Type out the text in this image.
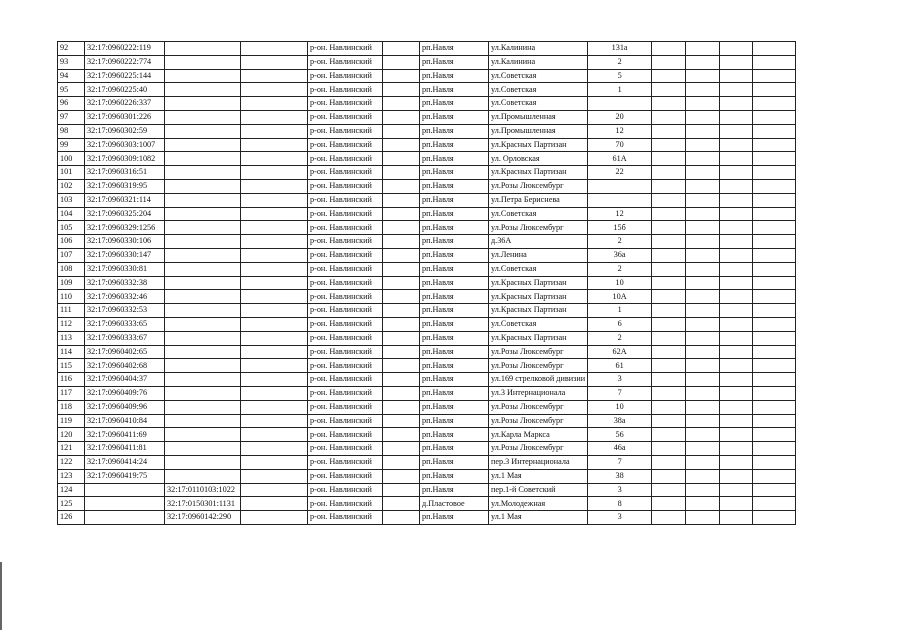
92	32:17:0960222:119			р-он. Навлинский		рп.Навля	ул.Калинина	131а				
93	32:17:0960222:774			р-он. Навлинский		рп.Навля	ул.Калинина	2				
94	32:17:0960225:144			р-он. Навлинский		рп.Навля	ул.Советская	5				
95	32:17:0960225:40			р-он. Навлинский		рп.Навля	ул.Советская	1				
96	32:17:0960226:337			р-он. Навлинский		рп.Навля	ул.Советская					
97	32:17:0960301:226			р-он. Навлинский		рп.Навля	ул.Промышленная	20				
98	32:17:0960302:59			р-он. Навлинский		рп.Навля	ул.Промышленная	12				
99	32:17:0960303:1007			р-он. Навлинский		рп.Навля	ул.Красных Партизан	70				
100	32:17:0960309:1082			р-он. Навлинский		рп.Навля	ул. Орловская	61А				
101	32:17:0960316:51			р-он. Навлинский		рп.Навля	ул.Красных Партизан	22				
102	32:17:0960319:95			р-он. Навлинский		рп.Навля	ул.Розы Люксембург					
103	32:17:0960321:114			р-он. Навлинский		рп.Навля	ул.Петра Бериснева					
104	32:17:0960325:204			р-он. Навлинский		рп.Навля	ул.Советская	12				
105	32:17:0960329:1256			р-он. Навлинский		рп.Навля	ул.Розы Люксембург	15б				
106	32:17:0960330:106			р-он. Навлинский		рп.Навля	д.36А	2				
107	32:17:0960330:147			р-он. Навлинский		рп.Навля	ул.Ленина	36а				
108	32:17:0960330:81			р-он. Навлинский		рп.Навля	ул.Советская	2				
109	32:17:0960332:38			р-он. Навлинский		рп.Навля	ул.Красных Партизан	10				
110	32:17:0960332:46			р-он. Навлинский		рп.Навля	ул.Красных Партизан	10А				
111	32:17:0960332:53			р-он. Навлинский		рп.Навля	ул.Красных Партизан	1				
112	32:17:0960333:65			р-он. Навлинский		рп.Навля	ул.Советская	6				
113	32:17:0960333:67			р-он. Навлинский		рп.Навля	ул.Красных Партизан	2				
114	32:17:0960402:65			р-он. Навлинский		рп.Навля	ул.Розы Люксембург	62А				
115	32:17:0960402:68			р-он. Навлинский		рп.Навля	ул.Розы Люксембург	61				
116	32:17:0960404:37			р-он. Навлинский		рп.Навля	ул.169 стрелковой дивизии	3				
117	32:17:0960409:76			р-он. Навлинский		рп.Навля	ул.3 Интернационала	7				
118	32:17:0960409:96			р-он. Навлинский		рп.Навля	ул.Розы Люксембург	10				
119	32:17:0960410:84			р-он. Навлинский		рп.Навля	ул.Розы Люксембург	38а				
120	32:17:0960411:69			р-он. Навлинский		рп.Навля	ул.Карла Маркса	56				
121	32:17:0960411:81			р-он. Навлинский		рп.Навля	ул.Розы Люксембург	46а				
122	32:17:0960414:24			р-он. Навлинский		рп.Навля	пер.3 Интернационала	7				
123	32:17:0960419:75			р-он. Навлинский		рп.Навля	ул.1 Мая	38				
124		32:17:0110103:1022		р-он. Навлинский		рп.Навля	пер.1-й Советский	3				
125		32:17:0150301:1131		р-он. Навлинский		д.Пластовое	ул.Молодежная	8				
126		32:17:0960142:290		р-он. Навлинский		рп.Навля	ул.1 Мая	3				
